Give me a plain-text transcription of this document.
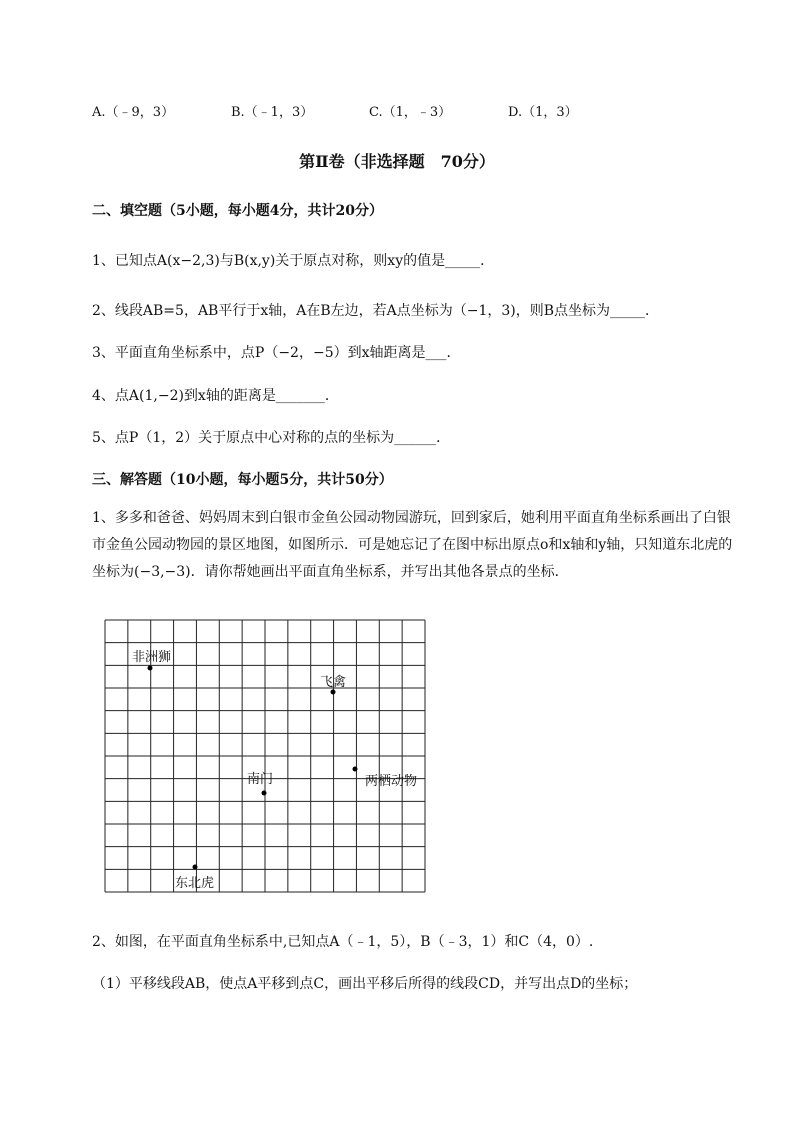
A.（﹣9，3）	B.（﹣1，3）	C.（1，﹣3）	D.（1，3）
第Ⅱ卷（非选择题　70分）
二、填空题（5小题，每小题4分，共计20分）
1、已知点A(x−2,3)与B(x,y)关于原点对称，则xy的值是_____．
2、线段AB=5，AB平行于x轴，A在B左边，若A点坐标为（−1，3)，则B点坐标为_____．
3、平面直角坐标系中，点P（−2，−5）到x轴距离是___．
4、点A(1,−2)到x轴的距离是_______．
5、点P（1，2）关于原点中心对称的点的坐标为______．
三、解答题（10小题，每小题5分，共计50分）
1、多多和爸爸、妈妈周末到白银市金鱼公园动物园游玩，回到家后，她利用平面直角坐标系画出了白银市金鱼公园动物园的景区地图，如图所示．可是她忘记了在图中标出原点o和x轴和y轴，只知道东北虎的坐标为(−3,−3)．请你帮她画出平面直角坐标系，并写出其他各景点的坐标．
非洲狮
飞禽
南门	两栖动物
东北虎
2、如图，在平面直角坐标系中,已知点A（﹣1，5），B（﹣3，1）和C（4，0）.
（1）平移线段AB，使点A平移到点C，画出平移后所得的线段CD，并写出点D的坐标；
